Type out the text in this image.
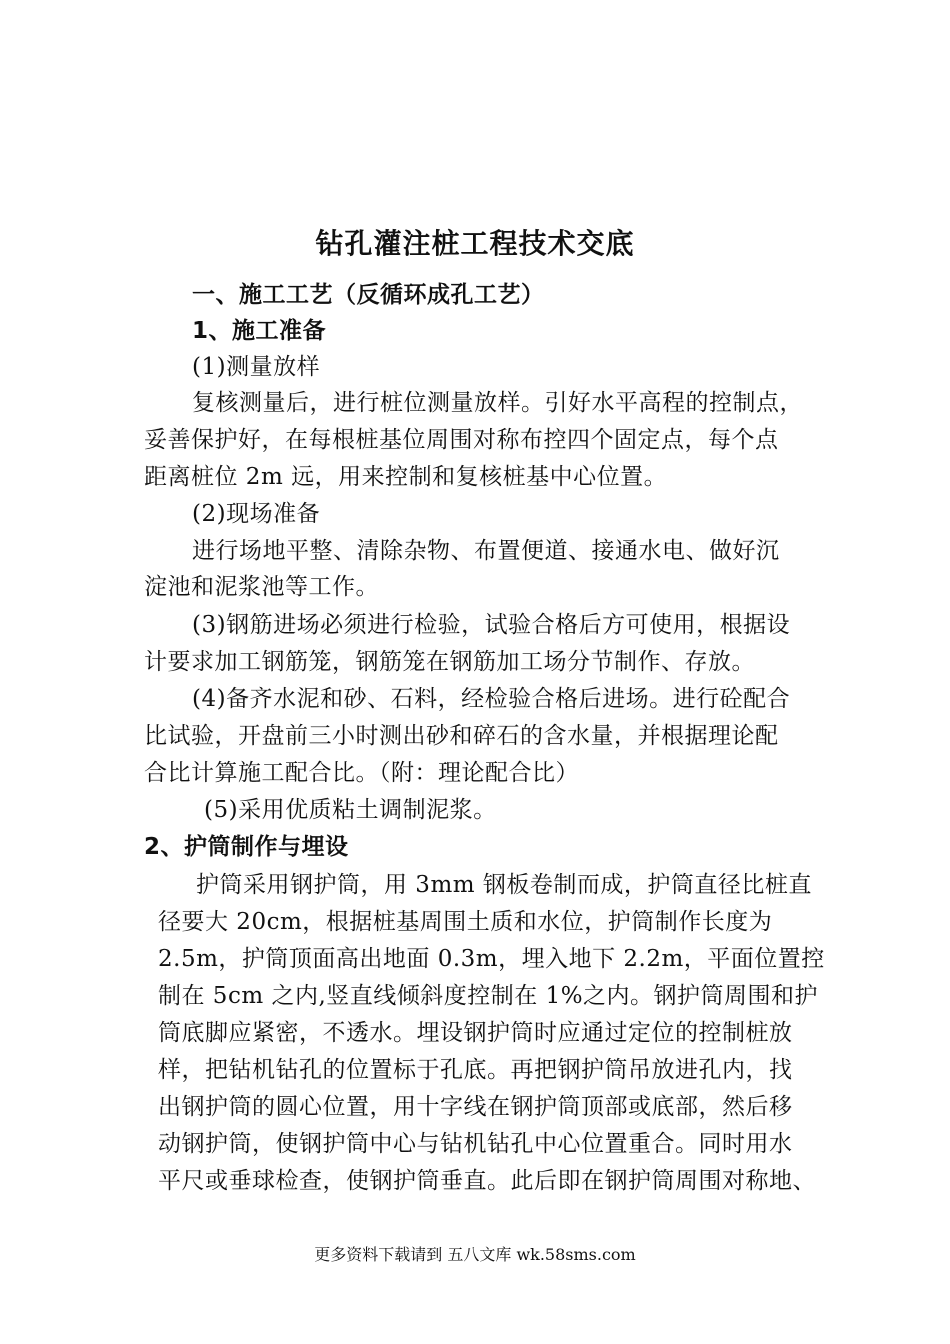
钻孔灌注桩工程技术交底
一、施工工艺（反循环成孔工艺）
1、施工准备
(1)测量放样
复核测量后，进行桩位测量放样。引好水平高程的控制点，
妥善保护好，在每根桩基位周围对称布控四个固定点，每个点
距离桩位 2m 远，用来控制和复核桩基中心位置。
(2)现场准备
进行场地平整、清除杂物、布置便道、接通水电、做好沉
淀池和泥浆池等工作。
(3)钢筋进场必须进行检验，试验合格后方可使用，根据设
计要求加工钢筋笼，钢筋笼在钢筋加工场分节制作、存放。
(4)备齐水泥和砂、石料，经检验合格后进场。进行砼配合
比试验，开盘前三小时测出砂和碎石的含水量，并根据理论配
合比计算施工配合比。（附：理论配合比）
(5)采用优质粘土调制泥浆。
2、护筒制作与埋设
护筒采用钢护筒，用 3mm 钢板卷制而成，护筒直径比桩直
径要大 20cm，根据桩基周围土质和水位，护筒制作长度为
2.5m，护筒顶面高出地面 0.3m，埋入地下 2.2m，平面位置控
制在 5cm 之内,竖直线倾斜度控制在 1%之内。钢护筒周围和护
筒底脚应紧密，不透水。埋设钢护筒时应通过定位的控制桩放
样，把钻机钻孔的位置标于孔底。再把钢护筒吊放进孔内，找
出钢护筒的圆心位置，用十字线在钢护筒顶部或底部，然后移
动钢护筒，使钢护筒中心与钻机钻孔中心位置重合。同时用水
平尺或垂球检查，使钢护筒垂直。此后即在钢护筒周围对称地、
更多资料下载请到 五八文库 wk.58sms.com
